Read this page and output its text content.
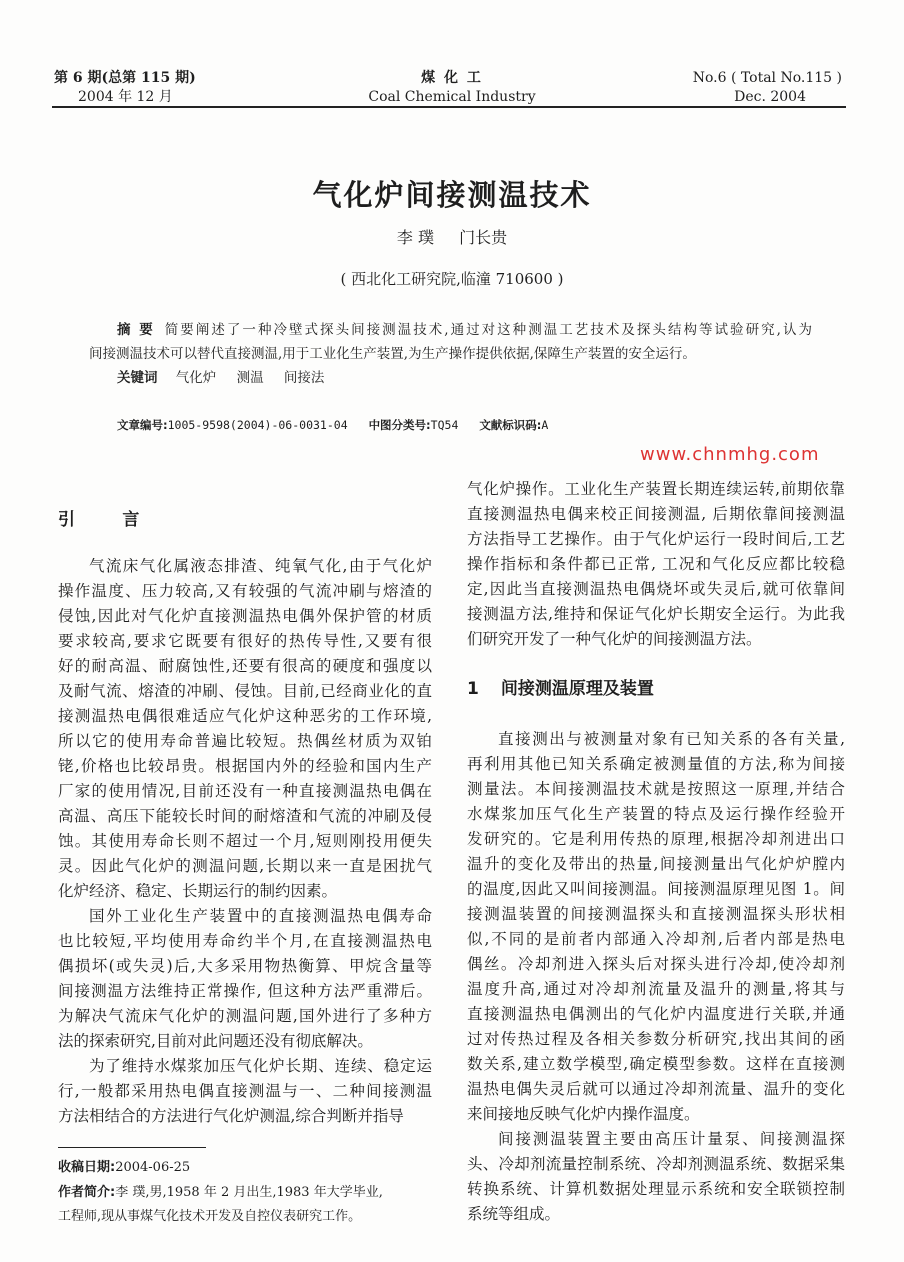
第 6 期(总第 115 期)
2004 年 12 月
煤 化 工
Coal Chemical Industry
No.6 ( Total No.115 )
Dec. 2004
气化炉间接测温技术
李 璞 门长贵
( 西北化工研究院,临潼 710600 )
摘 要 简要阐述了一种冷壁式探头间接测温技术,通过对这种测温工艺技术及探头结构等试验研究,认为
间接测温技术可以替代直接测温,用于工业化生产装置,为生产操作提供依据,保障生产装置的安全运行。
关键词 气化炉 测温 间接法
文章编号:1005-9598(2004)-06-0031-04 中图分类号:TQ54 文献标识码:A
www.chnmhg.com
引        言
气流床气化属液态排渣、纯氧气化,由于气化炉
操作温度、压力较高,又有较强的气流冲刷与熔渣的
侵蚀,因此对气化炉直接测温热电偶外保护管的材质
要求较高,要求它既要有很好的热传导性,又要有很
好的耐高温、耐腐蚀性,还要有很高的硬度和强度以
及耐气流、熔渣的冲刷、侵蚀。目前,已经商业化的直
接测温热电偶很难适应气化炉这种恶劣的工作环境,
所以它的使用寿命普遍比较短。热偶丝材质为双铂
铑,价格也比较昂贵。根据国内外的经验和国内生产
厂家的使用情况,目前还没有一种直接测温热电偶在
高温、高压下能较长时间的耐熔渣和气流的冲刷及侵
蚀。其使用寿命长则不超过一个月,短则刚投用便失
灵。因此气化炉的测温问题,长期以来一直是困扰气
化炉经济、稳定、长期运行的制约因素。
国外工业化生产装置中的直接测温热电偶寿命
也比较短,平均使用寿命约半个月,在直接测温热电
偶损坏(或失灵)后,大多采用物热衡算、甲烷含量等
间接测温方法维持正常操作, 但这种方法严重滞后。
为解决气流床气化炉的测温问题,国外进行了多种方
法的探索研究,目前对此问题还没有彻底解决。
为了维持水煤浆加压气化炉长期、连续、稳定运
行,一般都采用热电偶直接测温与一、二种间接测温
方法相结合的方法进行气化炉测温,综合判断并指导
收稿日期:2004-06-25
作者简介:李 璞,男,1958 年 2 月出生,1983 年大学毕业,
工程师,现从事煤气化技术开发及自控仪表研究工作。
气化炉操作。工业化生产装置长期连续运转,前期依靠
直接测温热电偶来校正间接测温, 后期依靠间接测温
方法指导工艺操作。由于气化炉运行一段时间后,工艺
操作指标和条件都已正常, 工况和气化反应都比较稳
定,因此当直接测温热电偶烧坏或失灵后,就可依靠间
接测温方法,维持和保证气化炉长期安全运行。为此我
们研究开发了一种气化炉的间接测温方法。
1 间接测温原理及装置
直接测出与被测量对象有已知关系的各有关量,
再利用其他已知关系确定被测量值的方法,称为间接
测量法。本间接测温技术就是按照这一原理,并结合
水煤浆加压气化生产装置的特点及运行操作经验开
发研究的。它是利用传热的原理,根据冷却剂进出口
温升的变化及带出的热量,间接测量出气化炉炉膛内
的温度,因此又叫间接测温。间接测温原理见图 1。间
接测温装置的间接测温探头和直接测温探头形状相
似,不同的是前者内部通入冷却剂,后者内部是热电
偶丝。冷却剂进入探头后对探头进行冷却,使冷却剂
温度升高,通过对冷却剂流量及温升的测量,将其与
直接测温热电偶测出的气化炉内温度进行关联,并通
过对传热过程及各相关参数分析研究,找出其间的函
数关系,建立数学模型,确定模型参数。这样在直接测
温热电偶失灵后就可以通过冷却剂流量、温升的变化
来间接地反映气化炉内操作温度。
间接测温装置主要由高压计量泵、间接测温探
头、冷却剂流量控制系统、冷却剂测温系统、数据采集
转换系统、计算机数据处理显示系统和安全联锁控制
系统等组成。
